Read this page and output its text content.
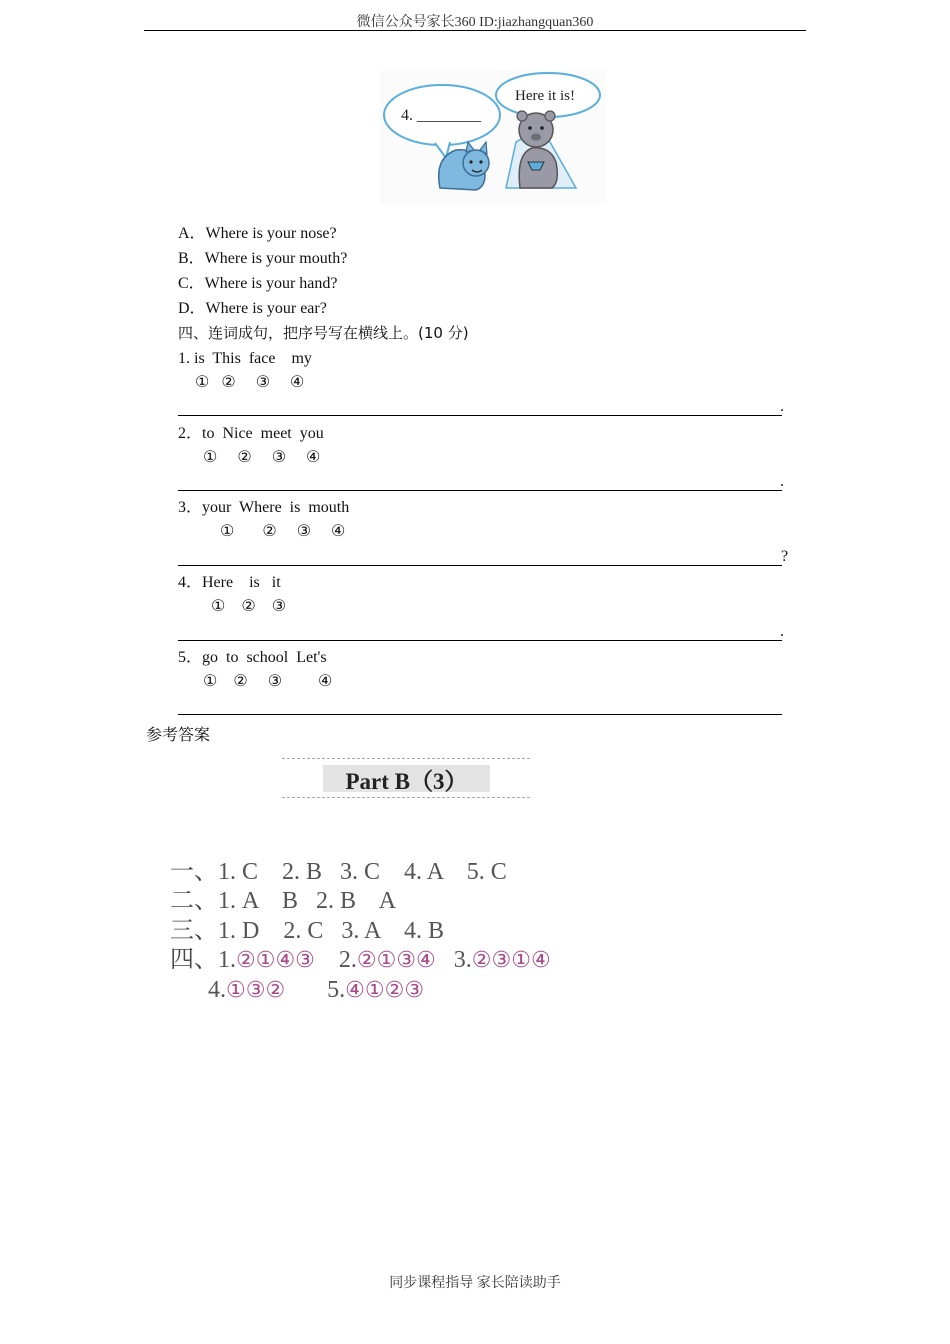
微信公众号家长360 ID:jiazhangquan360
4. ________
Here it is!
A．Where is your nose?
B．Where is your mouth?
C．Where is your hand?
D．Where is your ear?
四、连词成句，把序号写在横线上。(10 分)
1. is  This  face    my
①   ②     ③     ④
.
2．to  Nice  meet  you
①     ②     ③     ④
.
3．your  Where  is  mouth
①       ②     ③     ④
?
4．Here    is   it
①    ②    ③
.
5．go  to  school  Let's
①    ②     ③         ④
参考答案
Part B（3）

一、1. C    2. B   3. C    4. A    5. C

二、1. A    B   2. B    A

三、1. D    2. C   3. A    4. B

四、1.②①④③ 2.②①③④ 3.②③①④

4.①③② 5.④①②③

同步课程指导 家长陪读助手
